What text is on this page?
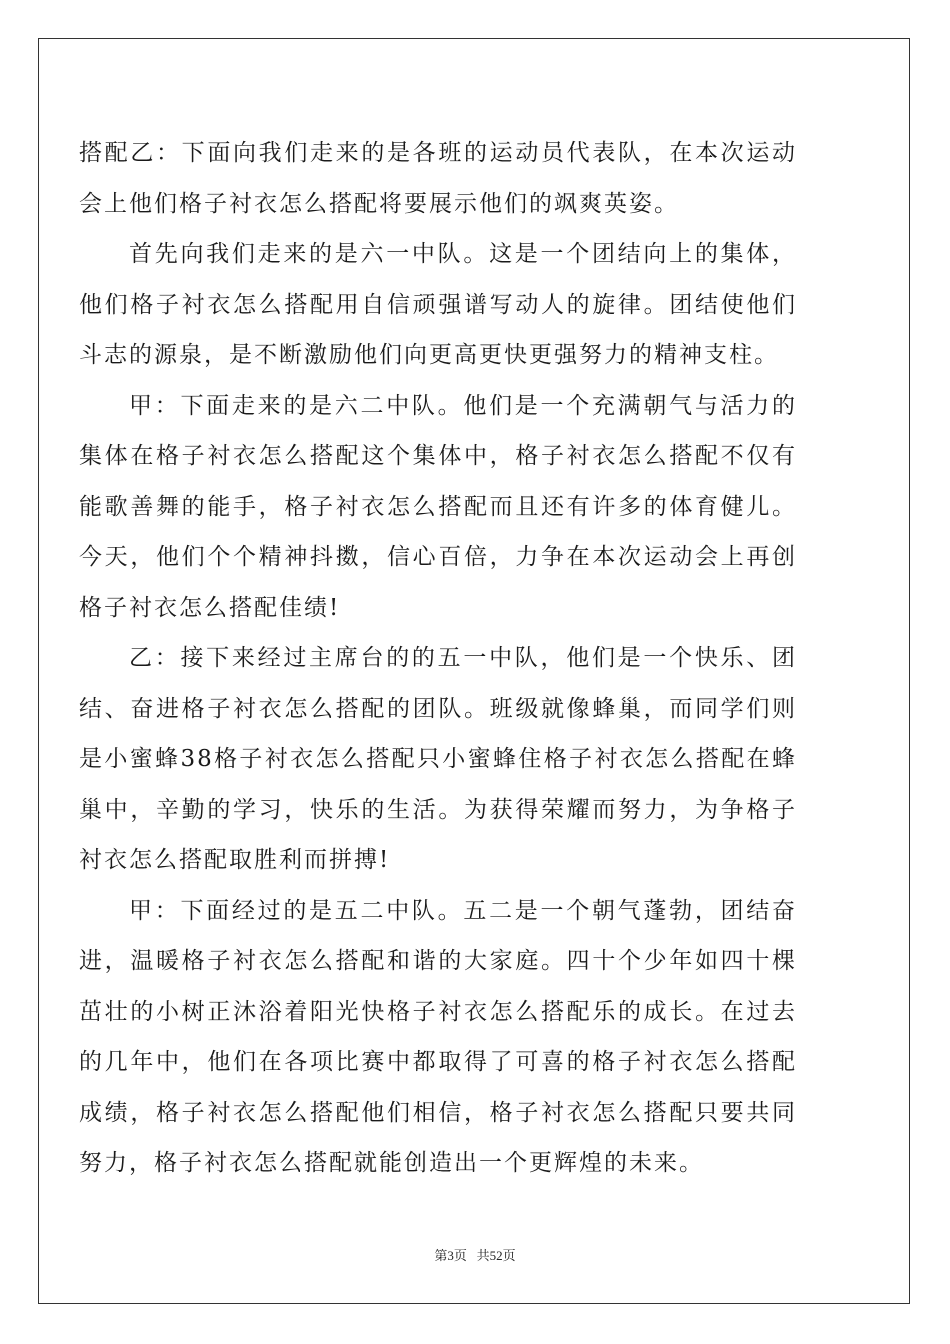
搭配乙：下面向我们走来的是各班的运动员代表队，在本次运动会上他们格子衬衣怎么搭配将要展示他们的飒爽英姿。

首先向我们走来的是六一中队。这是一个团结向上的集体，他们格子衬衣怎么搭配用自信顽强谱写动人的旋律。团结使他们斗志的源泉，是不断激励他们向更高更快更强努力的精神支柱。

甲：下面走来的是六二中队。他们是一个充满朝气与活力的集体在格子衬衣怎么搭配这个集体中，格子衬衣怎么搭配不仅有能歌善舞的能手，格子衬衣怎么搭配而且还有许多的体育健儿。今天，他们个个精神抖擞，信心百倍，力争在本次运动会上再创格子衬衣怎么搭配佳绩!

乙：接下来经过主席台的的五一中队，他们是一个快乐、团结、奋进格子衬衣怎么搭配的团队。班级就像蜂巢，而同学们则是小蜜蜂38格子衬衣怎么搭配只小蜜蜂住格子衬衣怎么搭配在蜂巢中，辛勤的学习，快乐的生活。为获得荣耀而努力，为争格子衬衣怎么搭配取胜利而拼搏!

甲：下面经过的是五二中队。五二是一个朝气蓬勃，团结奋进，温暖格子衬衣怎么搭配和谐的大家庭。四十个少年如四十棵茁壮的小树正沐浴着阳光快格子衬衣怎么搭配乐的成长。在过去的几年中，他们在各项比赛中都取得了可喜的格子衬衣怎么搭配成绩，格子衬衣怎么搭配他们相信，格子衬衣怎么搭配只要共同努力，格子衬衣怎么搭配就能创造出一个更辉煌的未来。

第3页 共52页
